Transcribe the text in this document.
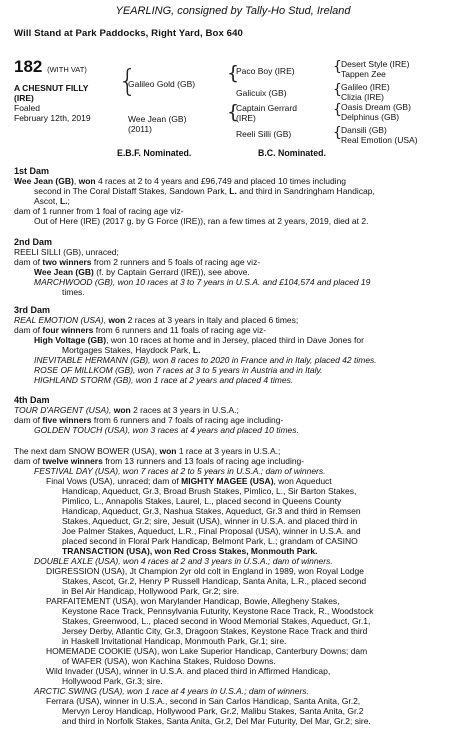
YEARLING, consigned by Tally-Ho Stud, Ireland
Will Stand at Park Paddocks, Right Yard, Box 640
182 (WITH VAT)
A CHESNUT FILLY
(IRE)
Foaled
February 12th, 2019
{

Galileo Gold (GB)
Wee Jean (GB)
(2011)
{
Paco Boy (IRE)
Galicuix (GB)
{
Captain Gerrard
(IRE)
Reeli Silli (GB)
{ Desert Style (IRE)
Tappen Zee
{ Galileo (IRE)
Clizia (IRE)
{ Oasis Dream (GB)
Delphinus (GB)
{ Dansili (GB)
Real Emotion (USA)
E.B.F. Nominated.	B.C. Nominated.

1st Dam

Wee Jean (GB), won 4 races at 2 to 4 years and £96,749 and placed 10 times including

second in The Coral Distaff Stakes, Sandown Park, L. and third in Sandringham Handicap,

Ascot, L.;

dam of 1 runner from 1 foal of racing age viz-

Out of Here (IRE) (2017 g. by G Force (IRE)), ran a few times at 2 years, 2019, died at 2.

2nd Dam

REELI SILLI (GB), unraced;

dam of two winners from 2 runners and 5 foals of racing age viz-

Wee Jean (GB) (f. by Captain Gerrard (IRE)), see above.

MARCHWOOD (GB), won 10 races at 3 to 7 years in U.S.A. and £104,574 and placed 19

times.

3rd Dam

REAL EMOTION (USA), won 2 races at 3 years in Italy and placed 6 times;

dam of four winners from 6 runners and 11 foals of racing age viz-

High Voltage (GB), won 10 races at home and in Jersey, placed third in Dave Jones for

Mortgages Stakes, Haydock Park, L.

INEVITABLE HERMANN (GB), won 8 races to 2020 in France and in Italy, placed 42 times.

ROSE OF MILLKOM (GB), won 7 races at 3 to 5 years in Austria and in Italy.

HIGHLAND STORM (GB), won 1 race at 2 years and placed 4 times.

4th Dam

TOUR D'ARGENT (USA), won 2 races at 3 years in U.S.A.;

dam of five winners from 6 runners and 7 foals of racing age including-

GOLDEN TOUCH (USA), won 3 races at 4 years and placed 10 times.

The next dam SNOW BOWER (USA), won 1 race at 3 years in U.S.A.;

dam of twelve winners from 13 runners and 13 foals of racing age including-

FESTIVAL DAY (USA), won 7 races at 2 to 5 years in U.S.A.; dam of winners.

Final Vows (USA), unraced; dam of MIGHTY MAGEE (USA), won Aqueduct

Handicap, Aqueduct, Gr.3, Broad Brush Stakes, Pimlico, L., Sir Barton Stakes,

Pimlico, L., Annapolis Stakes, Laurel, L., placed second in Queens County

Handicap, Aqueduct, Gr.3, Nashua Stakes, Aqueduct, Gr.3 and third in Remsen

Stakes, Aqueduct, Gr.2; sire, Jesuit (USA), winner in U.S.A. and placed third in

Joe Palmer Stakes, Aqueduct, L.R., Final Proposal (USA), winner in U.S.A. and

placed second in Floral Park Handicap, Belmont Park, L.; grandam of CASINO

TRANSACTION (USA), won Red Cross Stakes, Monmouth Park.

DOUBLE AXLE (USA), won 4 races at 2 and 3 years in U.S.A.; dam of winners.

DIGRESSION (USA), Jt Champion 2yr old colt in England in 1989, won Royal Lodge

Stakes, Ascot, Gr.2, Henry P Russell Handicap, Santa Anita, L.R., placed second

in Bel Air Handicap, Hollywood Park, Gr.2; sire.

PARFAITEMENT (USA), won Marylander Handicap, Bowie, Allegheny Stakes,

Keystone Race Track, Pennsylvania Futurity, Keystone Race Track, R., Woodstock

Stakes, Greenwood, L., placed second in Wood Memorial Stakes, Aqueduct, Gr.1,

Jersey Derby, Atlantic City, Gr.3, Dragoon Stakes, Keystone Race Track and third

in Haskell Invitational Handicap, Monmouth Park, Gr.1; sire.

HOMEMADE COOKIE (USA), won Lake Superior Handicap, Canterbury Downs; dam

of WAFER (USA), won Kachina Stakes, Ruidoso Downs.

Wild Invader (USA), winner in U.S.A. and placed third in Affirmed Handicap,

Hollywood Park, Gr.3; sire.

ARCTIC SWING (USA), won 1 race at 4 years in U.S.A.; dam of winners.

Ferrara (USA), winner in U.S.A., second in San Carlos Handicap, Santa Anita, Gr.2,

Mervyn Leroy Handicap, Hollywood Park, Gr.2, Malibu Stakes, Santa Anita, Gr.2

and third in Norfolk Stakes, Santa Anita, Gr.2, Del Mar Futurity, Del Mar, Gr.2; sire.
